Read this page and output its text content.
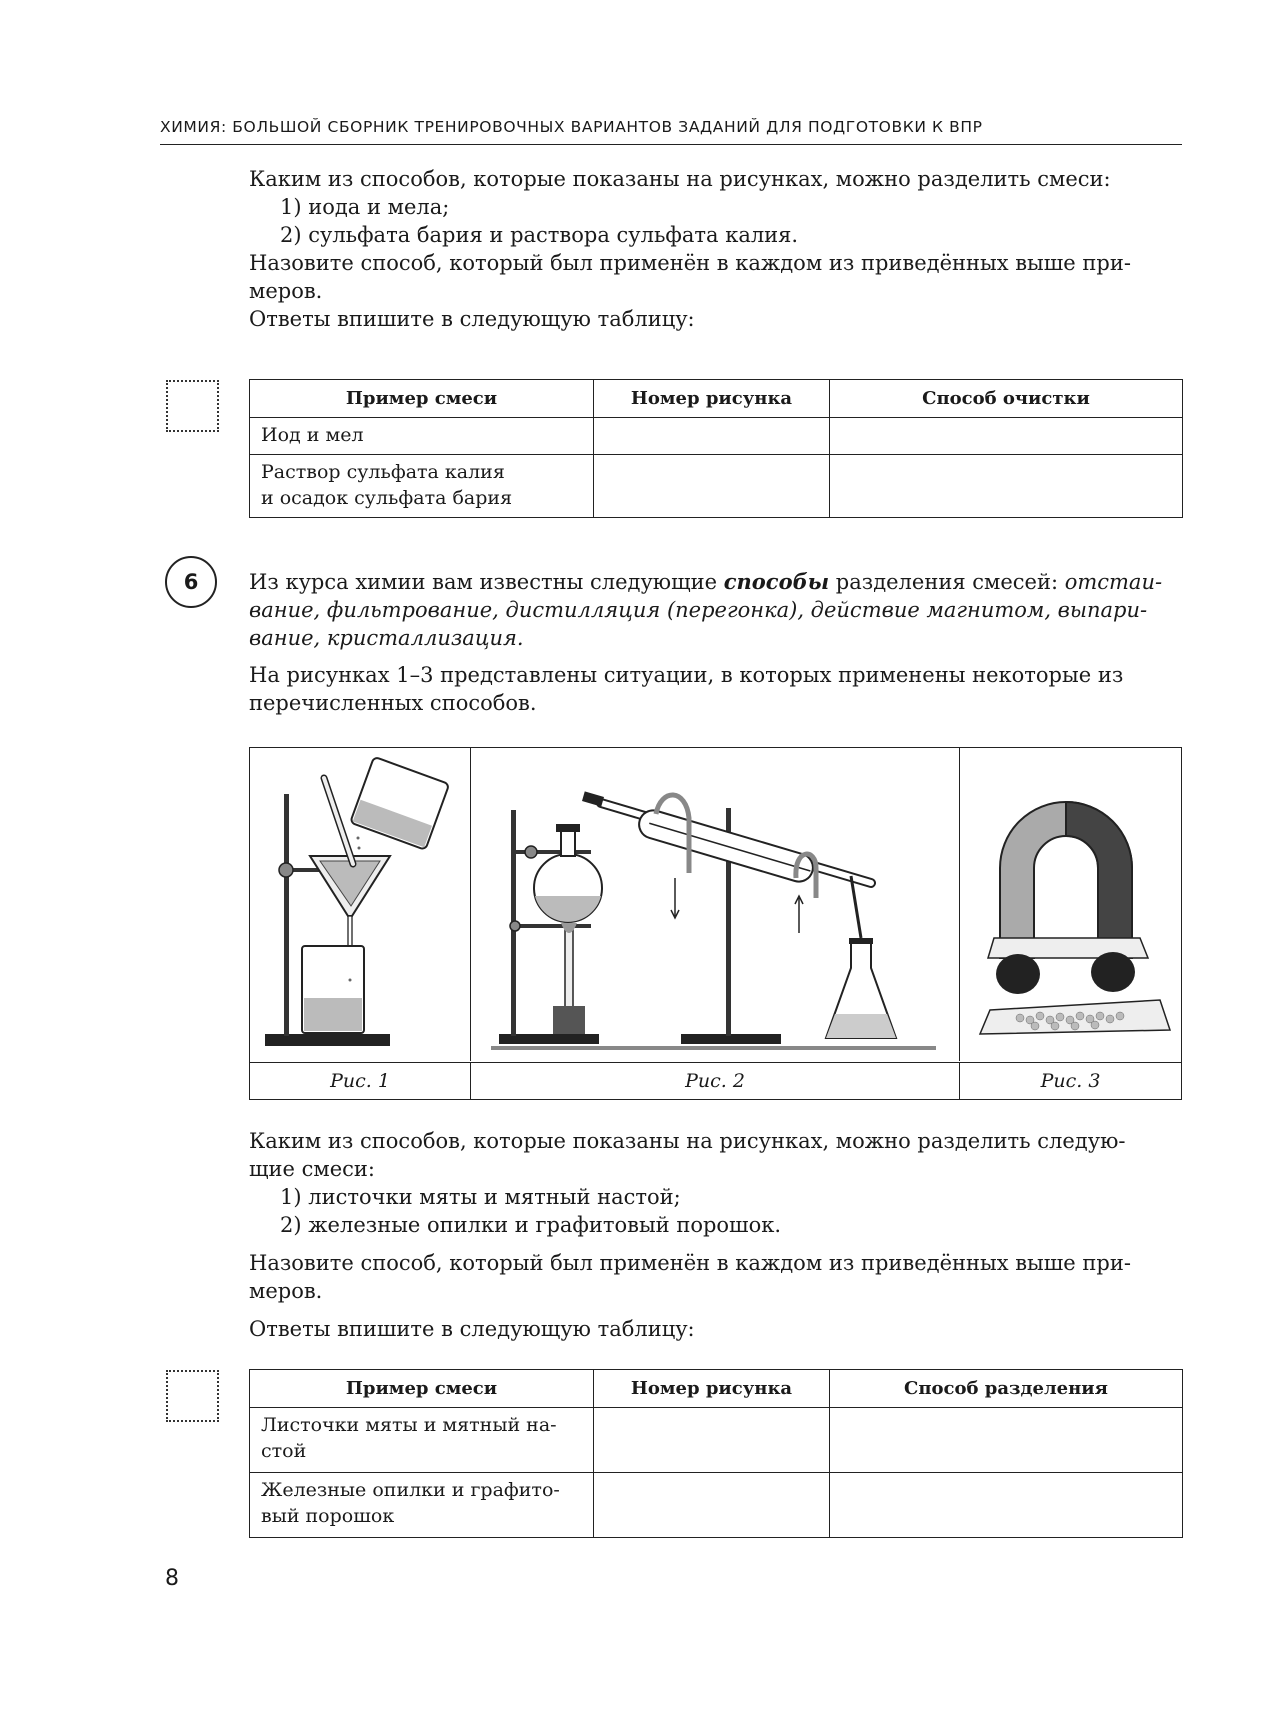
ХИМИЯ: БОЛЬШОЙ СБОРНИК ТРЕНИРОВОЧНЫХ ВАРИАНТОВ ЗАДАНИЙ ДЛЯ ПОДГОТОВКИ К ВПР
Каким из способов, которые показаны на рисунках, можно разделить смеси:
1) иода и мела;
2) сульфата бария и раствора сульфата калия.
Назовите способ, который был применён в каждом из приведённых выше при-
меров.
Ответы впишите в следующую таблицу:
Пример смеси	Номер рисунка	Способ очистки
Иод и мел		

Раствор сульфата калия
и осадок сульфата бария		

6	Из курса химии вам известны следующие способы разделения смесей: отстаи-
вание, фильтрование, дистилляция (перегонка), действие магнитом, выпари-
вание, кристаллизация.
На рисунках 1–3 представлены ситуации, в которых применены некоторые из
перечисленных способов.
Рис. 1	Рис. 2	Рис. 3
Каким из способов, которые показаны на рисунках, можно разделить следую-
щие смеси:
1) листочки мяты и мятный настой;
2) железные опилки и графитовый порошок.
Назовите способ, который был применён в каждом из приведённых выше при-
меров.
Ответы впишите в следующую таблицу:
Пример смеси	Номер рисунка	Способ разделения

Листочки мяты и мятный на-
стой		

Железные опилки и графито-
вый порошок		

8
